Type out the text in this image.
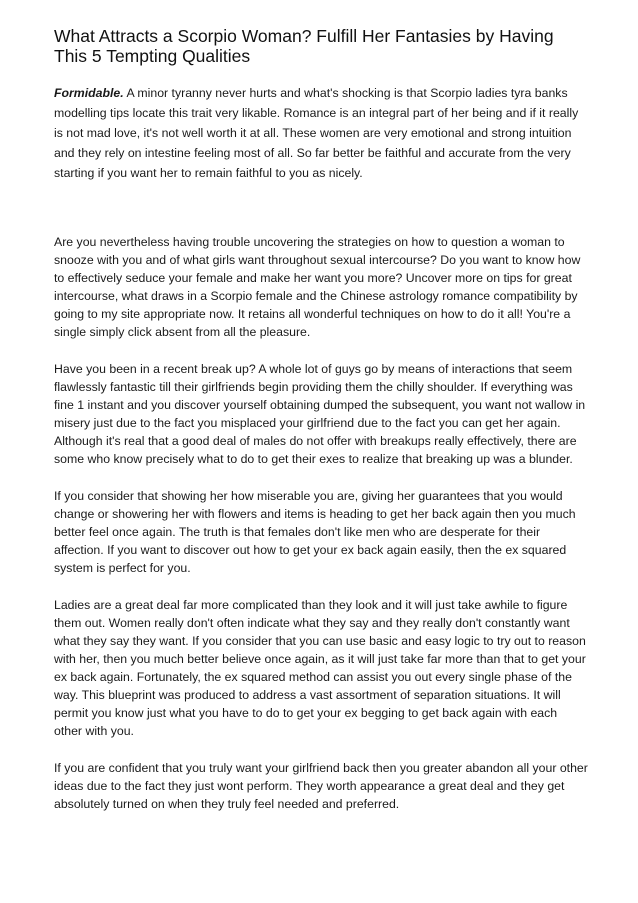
What Attracts a Scorpio Woman? Fulfill Her Fantasies by Having This 5 Tempting Qualities

Formidable. A minor tyranny never hurts and what's shocking is that Scorpio ladies tyra banks modelling tips locate this trait very likable. Romance is an integral part of her being and if it really is not mad love, it's not well worth it at all. These women are very emotional and strong intuition and they rely on intestine feeling most of all. So far better be faithful and accurate from the very starting if you want her to remain faithful to you as nicely.

Are you nevertheless having trouble uncovering the strategies on how to question a woman to snooze with you and of what girls want throughout sexual intercourse? Do you want to know how to effectively seduce your female and make her want you more? Uncover more on tips for great intercourse, what draws in a Scorpio female and the Chinese astrology romance compatibility by going to my site appropriate now. It retains all wonderful techniques on how to do it all! You're a single simply click absent from all the pleasure.

Have you been in a recent break up? A whole lot of guys go by means of interactions that seem flawlessly fantastic till their girlfriends begin providing them the chilly shoulder. If everything was fine 1 instant and you discover yourself obtaining dumped the subsequent, you want not wallow in misery just due to the fact you misplaced your girlfriend due to the fact you can get her again. Although it's real that a good deal of males do not offer with breakups really effectively, there are some who know precisely what to do to get their exes to realize that breaking up was a blunder.

If you consider that showing her how miserable you are, giving her guarantees that you would change or showering her with flowers and items is heading to get her back again then you much better feel once again. The truth is that females don't like men who are desperate for their affection. If you want to discover out how to get your ex back again easily, then the ex squared system is perfect for you.

Ladies are a great deal far more complicated than they look and it will just take awhile to figure them out. Women really don't often indicate what they say and they really don't constantly want what they say they want. If you consider that you can use basic and easy logic to try out to reason with her, then you much better believe once again, as it will just take far more than that to get your ex back again. Fortunately, the ex squared method can assist you out every single phase of the way. This blueprint was produced to address a vast assortment of separation situations. It will permit you know just what you have to do to get your ex begging to get back again with each other with you.

If you are confident that you truly want your girlfriend back then you greater abandon all your other ideas due to the fact they just wont perform. They worth appearance a great deal and they get absolutely turned on when they truly feel needed and preferred.
